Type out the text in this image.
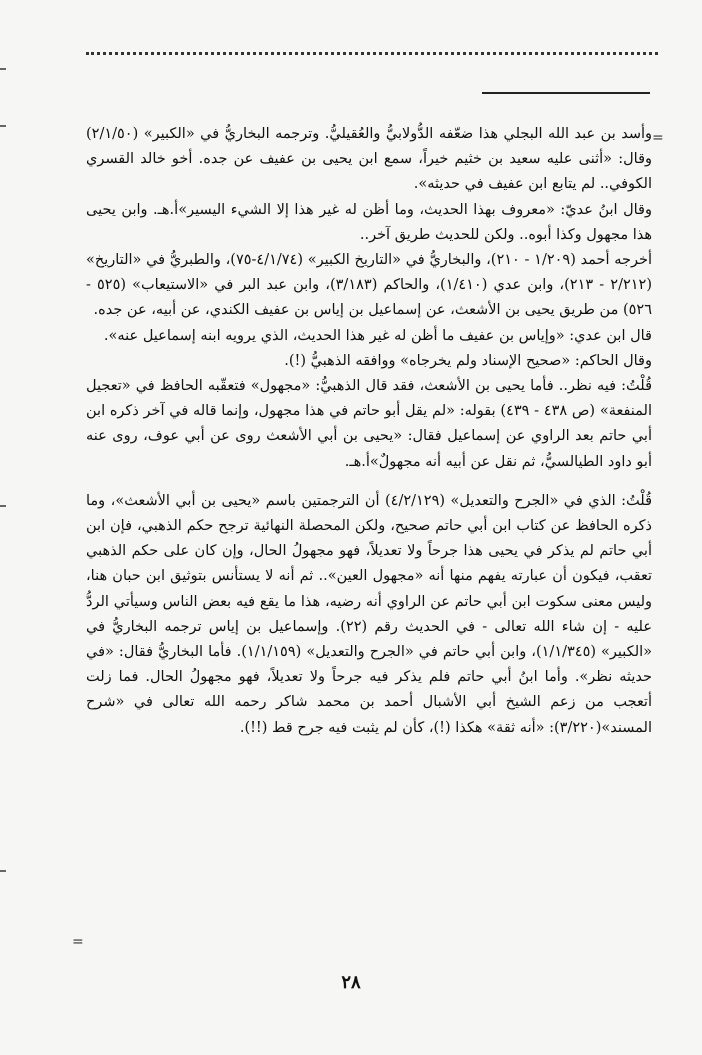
=
=

وأسد بن عبد الله البجلي هذا ضعّفه الدُّولابيُّ والعُقيليُّ. وترجمه البخاريُّ في «الكبير» (٢/١/٥٠) وقال: «أثنى عليه سعيد بن خثيم خيراً، سمع ابن يحيى بن عفيف عن جده. أخو خالد القسري الكوفي.. لم يتابع ابن عفيف في حديثه».

وقال ابنُ عديّ: «معروف بهذا الحديث، وما أظن له غير هذا إلا الشيء اليسير»أ.هـ. وابن يحيى هذا مجهول وكذا أبوه.. ولكن للحديث طريق آخر..

أخرجه أحمد (١/٢٠٩ - ٢١٠)، والبخاريُّ في «التاريخ الكبير» (٤/١/٧٤-٧٥)، والطبريُّ في «التاريخ» (٢/٢١٢ - ٢١٣)، وابن عدي (١/٤١٠)، والحاكم (٣/١٨٣)، وابن عبد البر في «الاستيعاب» (٥٢٥ - ٥٢٦) من طريق يحيى بن الأشعث، عن إسماعيل بن إياس بن عفيف الكندي، عن أبيه، عن جده.

قال ابن عدي: «وإياس بن عفيف ما أظن له غير هذا الحديث، الذي يرويه ابنه إسماعيل عنه».

وقال الحاكم: «صحيح الإسناد ولم يخرجاه» ووافقه الذهبيُّ (!).

قُلْتُ: فيه نظر.. فأما يحيى بن الأشعث، فقد قال الذهبيُّ: «مجهول» فتعقّبه الحافظ في «تعجيل المنفعة» (ص ٤٣٨ - ٤٣٩) بقوله: «لم يقل أبو حاتم في هذا مجهول، وإنما قاله في آخر ذكره ابن أبي حاتم بعد الراوي عن إسماعيل فقال: «يحيى بن أبي الأشعث روى عن أبي عوف، روى عنه أبو داود الطيالسيُّ، ثم نقل عن أبيه أنه مجهولٌ»أ.هـ.

قُلْتُ: الذي في «الجرح والتعديل» (٤/٢/١٢٩) أن الترجمتين باسم «يحيى بن أبي الأشعث»، وما ذكره الحافظ عن كتاب ابن أبي حاتم صحيح، ولكن المحصلة النهائية ترجح حكم الذهبي، فإن ابن أبي حاتم لم يذكر في يحيى هذا جرحاً ولا تعديلاً، فهو مجهولُ الحال، وإن كان على حكم الذهبي تعقب، فيكون أن عبارته يفهم منها أنه «مجهول العين».. ثم أنه لا يستأنس بتوثيق ابن حبان هنا، وليس معنى سكوت ابن أبي حاتم عن الراوي أنه رضيه، هذا ما يقع فيه بعض الناس وسيأتي الردُّ عليه - إن شاء الله تعالى - في الحديث رقم (٢٢). وإسماعيل بن إياس ترجمه البخاريُّ في «الكبير» (١/١/٣٤٥)، وابن أبي حاتم في «الجرح والتعديل» (١/١/١٥٩). فأما البخاريُّ فقال: «في حديثه نظر». وأما ابنُ أبي حاتم فلم يذكر فيه جرحاً ولا تعديلاً، فهو مجهولُ الحال. فما زلت أتعجب من زعم الشيخ أبي الأشبال أحمد بن محمد شاكر رحمه الله تعالى في «شرح المسند»(٣/٢٢٠): «أنه ثقة» هكذا (!)، كأن لم يثبت فيه جرح قط (!!).

٢٨
